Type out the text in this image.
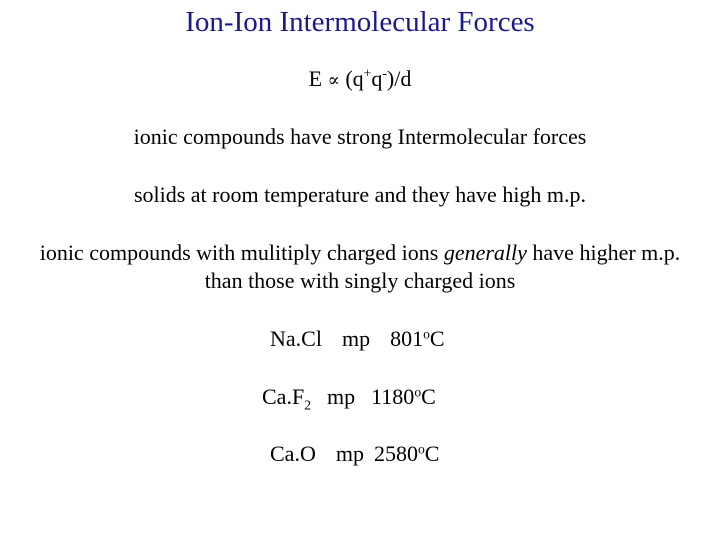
Ion-Ion Intermolecular Forces
E ∝ (q+q-)/d
ionic compounds have strong Intermolecular forces
solids at room temperature and they have high m.p.
ionic compounds with mulitiply charged ions generally have higher m.p.
than those with singly charged ions
Na.Cl mp 801$^o$C
$Ca.F_2$ mp 1180$^o$C
Ca.O mp 2580$^o$C
